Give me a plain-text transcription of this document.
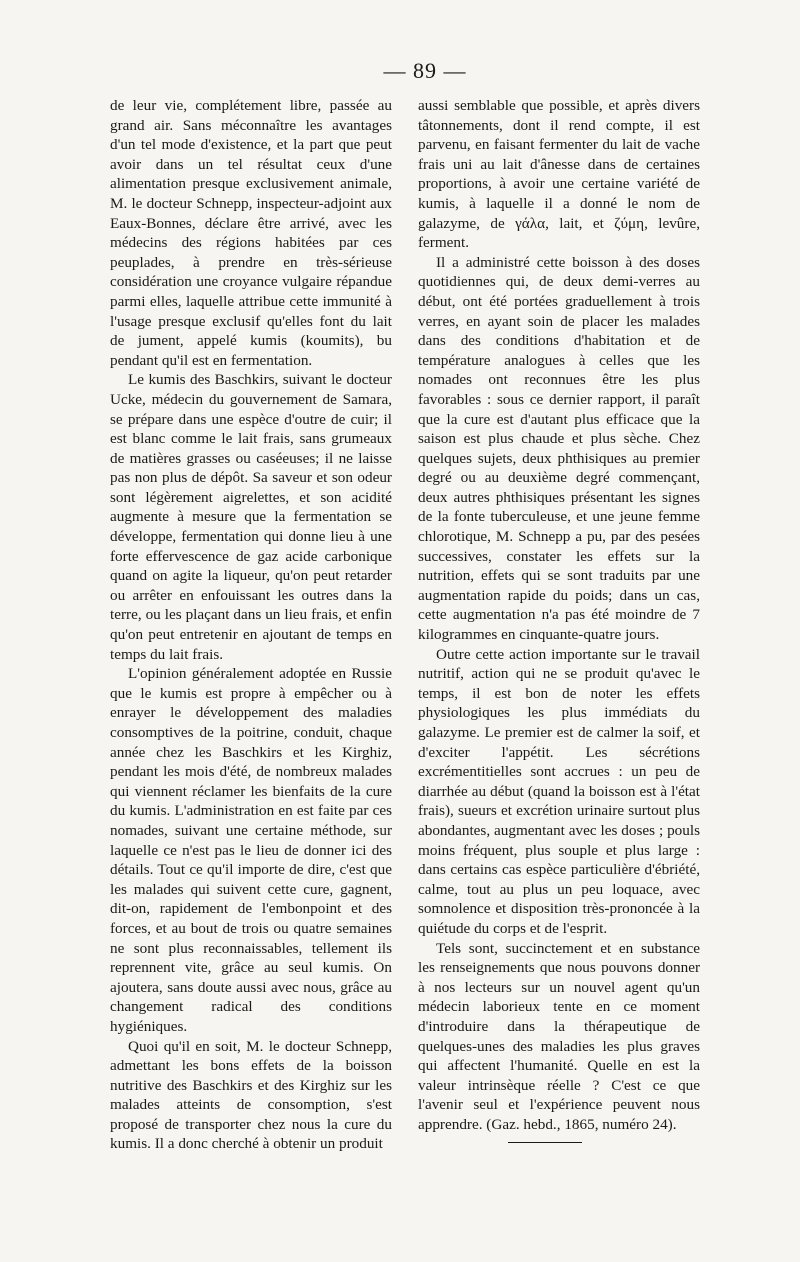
— 89 —

de leur vie, complétement libre, passée au grand air. Sans méconnaître les avantages d'un tel mode d'existence, et la part que peut avoir dans un tel résultat ceux d'une alimentation presque exclusivement animale, M. le docteur Schnepp, inspecteur-adjoint aux Eaux-Bonnes, déclare être arrivé, avec les médecins des régions habitées par ces peuplades, à prendre en très-sérieuse considération une croyance vulgaire répandue parmi elles, laquelle attribue cette immunité à l'usage presque exclusif qu'elles font du lait de jument, appelé kumis (koumits), bu pendant qu'il est en fermentation.

Le kumis des Baschkirs, suivant le docteur Ucke, médecin du gouvernement de Samara, se prépare dans une espèce d'outre de cuir; il est blanc comme le lait frais, sans grumeaux de matières grasses ou caséeuses; il ne laisse pas non plus de dépôt. Sa saveur et son odeur sont légèrement aigrelettes, et son acidité augmente à mesure que la fermentation se développe, fermentation qui donne lieu à une forte effervescence de gaz acide carbonique quand on agite la liqueur, qu'on peut retarder ou arrêter en enfouissant les outres dans la terre, ou les plaçant dans un lieu frais, et enfin qu'on peut entretenir en ajoutant de temps en temps du lait frais.

L'opinion généralement adoptée en Russie que le kumis est propre à empêcher ou à enrayer le développement des maladies consomptives de la poitrine, conduit, chaque année chez les Baschkirs et les Kirghiz, pendant les mois d'été, de nombreux malades qui viennent réclamer les bienfaits de la cure du kumis. L'administration en est faite par ces nomades, suivant une certaine méthode, sur laquelle ce n'est pas le lieu de donner ici des détails. Tout ce qu'il importe de dire, c'est que les malades qui suivent cette cure, gagnent, dit-on, rapidement de l'embonpoint et des forces, et au bout de trois ou quatre semaines ne sont plus reconnaissables, tellement ils reprennent vite, grâce au seul kumis. On ajoutera, sans doute aussi avec nous, grâce au changement radical des conditions hygiéniques.

Quoi qu'il en soit, M. le docteur Schnepp, admettant les bons effets de la boisson nutritive des Baschkirs et des Kirghiz sur les malades atteints de consomption, s'est proposé de transporter chez nous la cure du kumis. Il a donc cherché à obtenir un produit

aussi semblable que possible, et après divers tâtonnements, dont il rend compte, il est parvenu, en faisant fermenter du lait de vache frais uni au lait d'ânesse dans de certaines proportions, à avoir une certaine variété de kumis, à laquelle il a donné le nom de galazyme, de γάλα, lait, et ζύμη, levûre, ferment.

Il a administré cette boisson à des doses quotidiennes qui, de deux demi-verres au début, ont été portées graduellement à trois verres, en ayant soin de placer les malades dans des conditions d'habitation et de température analogues à celles que les nomades ont reconnues être les plus favorables : sous ce dernier rapport, il paraît que la cure est d'autant plus efficace que la saison est plus chaude et plus sèche. Chez quelques sujets, deux phthisiques au premier degré ou au deuxième degré commençant, deux autres phthisiques présentant les signes de la fonte tuberculeuse, et une jeune femme chlorotique, M. Schnepp a pu, par des pesées successives, constater les effets sur la nutrition, effets qui se sont traduits par une augmentation rapide du poids; dans un cas, cette augmentation n'a pas été moindre de 7 kilogrammes en cinquante-quatre jours.

Outre cette action importante sur le travail nutritif, action qui ne se produit qu'avec le temps, il est bon de noter les effets physiologiques les plus immédiats du galazyme. Le premier est de calmer la soif, et d'exciter l'appétit. Les sécrétions excrémentitielles sont accrues : un peu de diarrhée au début (quand la boisson est à l'état frais), sueurs et excrétion urinaire surtout plus abondantes, augmentant avec les doses ; pouls moins fréquent, plus souple et plus large : dans certains cas espèce particulière d'ébriété, calme, tout au plus un peu loquace, avec somnolence et disposition très-prononcée à la quiétude du corps et de l'esprit.

Tels sont, succinctement et en substance les renseignements que nous pouvons donner à nos lecteurs sur un nouvel agent qu'un médecin laborieux tente en ce moment d'introduire dans la thérapeutique de quelques-unes des maladies les plus graves qui affectent l'humanité. Quelle en est la valeur intrinsèque réelle ? C'est ce que l'avenir seul et l'expérience peuvent nous apprendre. (Gaz. hebd., 1865, numéro 24).
